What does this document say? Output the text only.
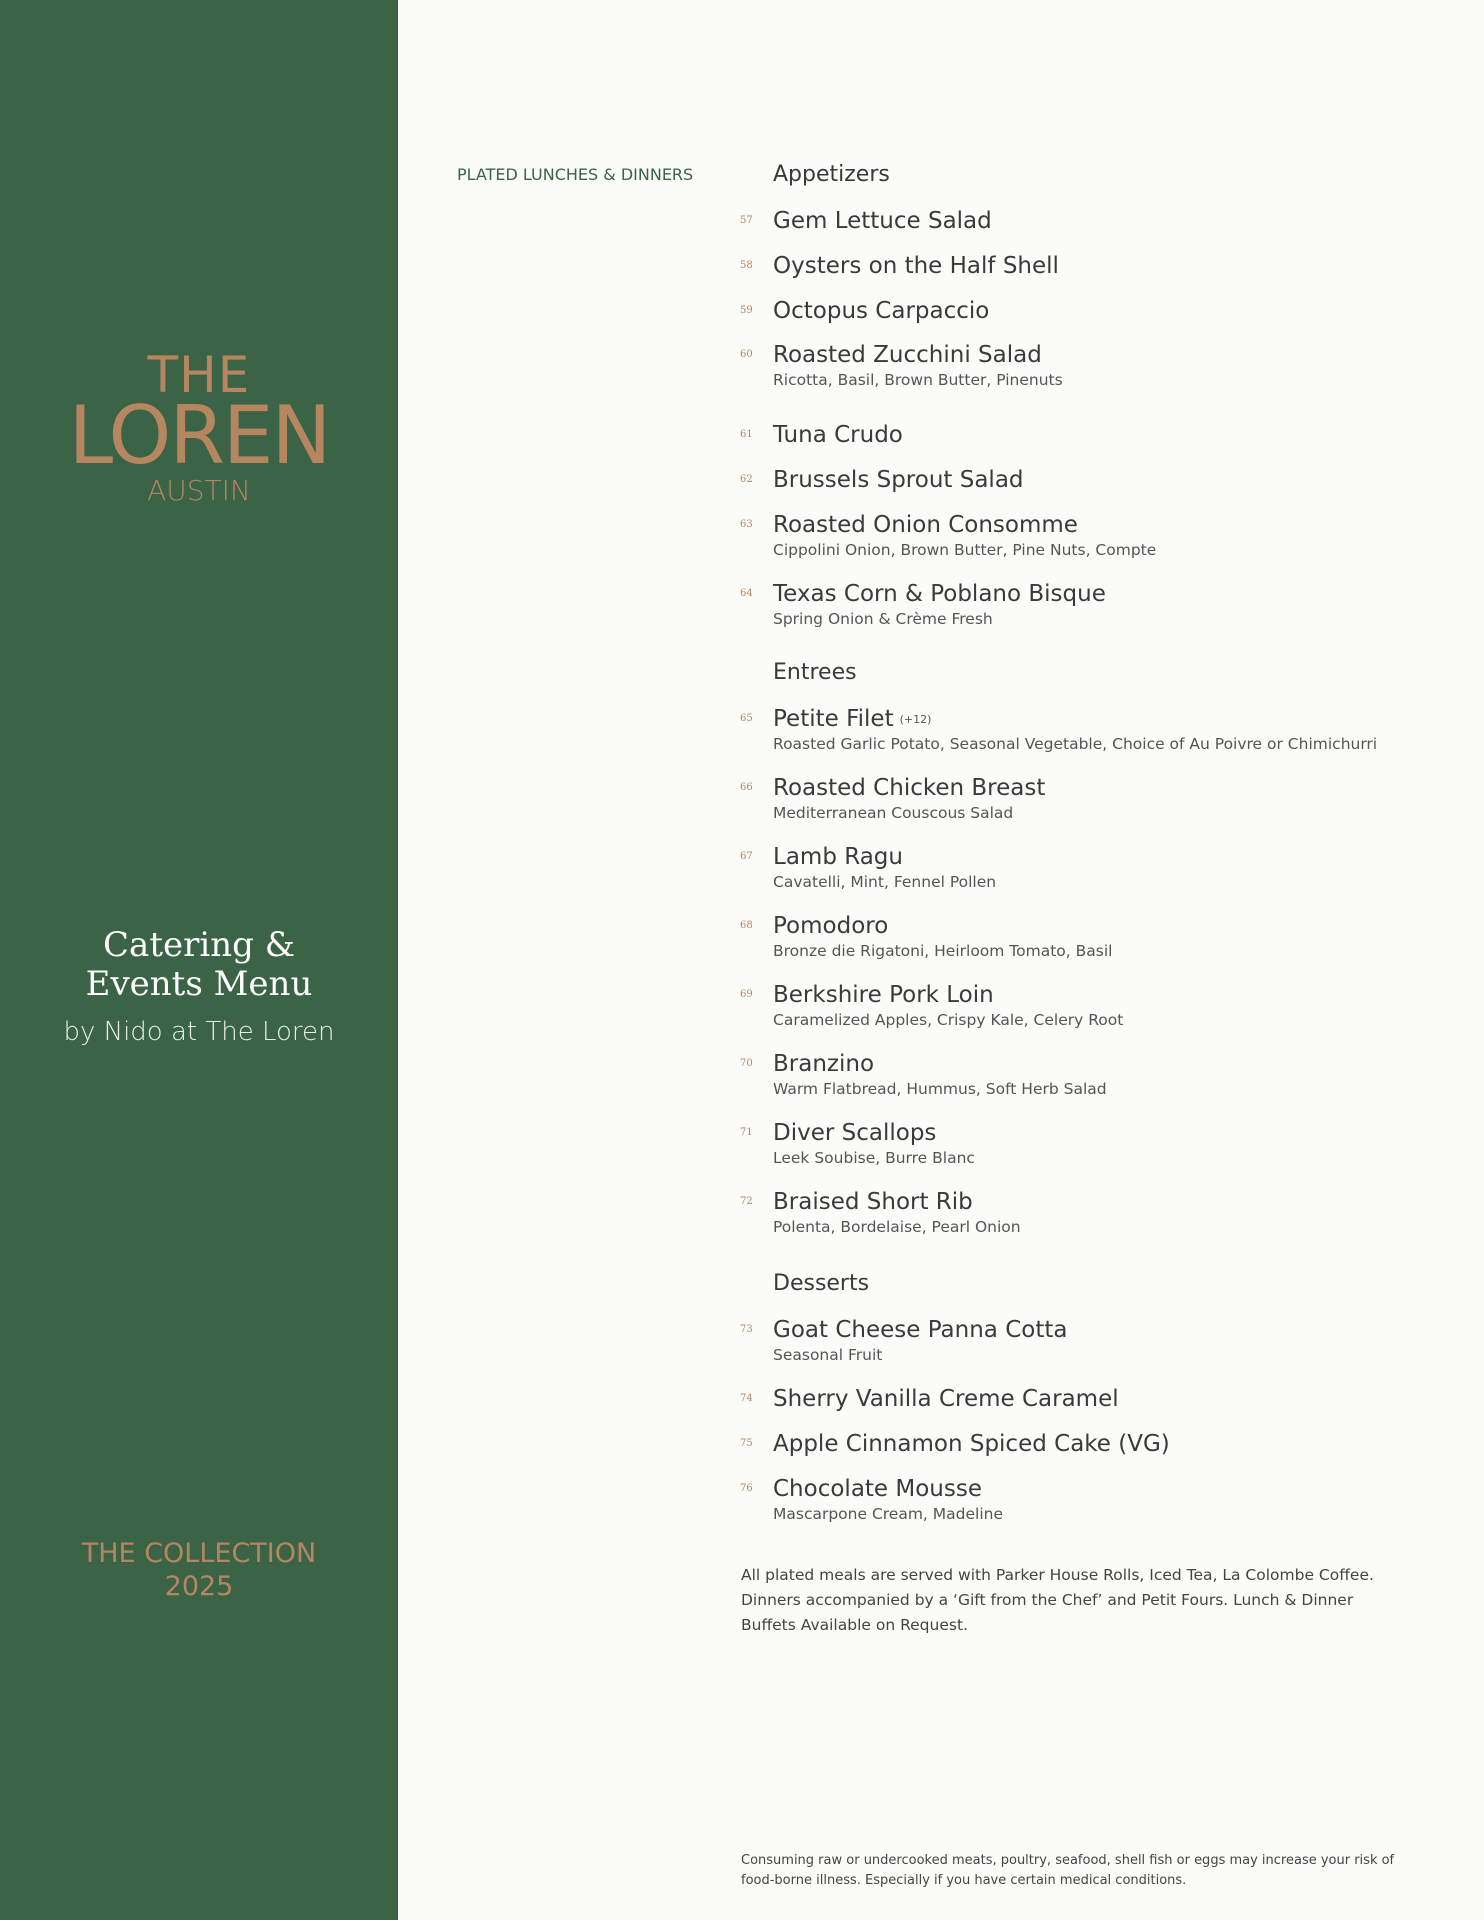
THE
LOREN
AUSTIN
Catering &
Events Menu
by Nido at The Loren
THE COLLECTION
2025
PLATED LUNCHES & DINNERS	Appetizers
57 Gem Lettuce Salad
58 Oysters on the Half Shell
59 Octopus Carpaccio
60 Roasted Zucchini Salad
Ricotta, Basil, Brown Butter, Pinenuts
61 Tuna Crudo
62 Brussels Sprout Salad
63 Roasted Onion Consomme
Cippolini Onion, Brown Butter, Pine Nuts, Compte
64 Texas Corn & Poblano Bisque
Spring Onion & Crème Fresh
Entrees
65 Petite Filet (+12)
Roasted Garlic Potato, Seasonal Vegetable, Choice of Au Poivre or Chimichurri
66 Roasted Chicken Breast
Mediterranean Couscous Salad
67 Lamb Ragu
Cavatelli, Mint, Fennel Pollen
68 Pomodoro
Bronze die Rigatoni, Heirloom Tomato, Basil
69 Berkshire Pork Loin
Caramelized Apples, Crispy Kale, Celery Root
70 Branzino
Warm Flatbread, Hummus, Soft Herb Salad
71 Diver Scallops
Leek Soubise, Burre Blanc
72 Braised Short Rib
Polenta, Bordelaise, Pearl Onion
Desserts
73 Goat Cheese Panna Cotta
Seasonal Fruit
74 Sherry Vanilla Creme Caramel
75 Apple Cinnamon Spiced Cake (VG)
76 Chocolate Mousse
Mascarpone Cream, Madeline
All plated meals are served with Parker House Rolls, Iced Tea, La Colombe Coffee. Dinners accompanied by a ‘Gift from the Chef’ and Petit Fours. Lunch & Dinner Buffets Available on Request.
Consuming raw or undercooked meats, poultry, seafood, shell fish or eggs may increase your risk of food-borne illness. Especially if you have certain medical conditions.
